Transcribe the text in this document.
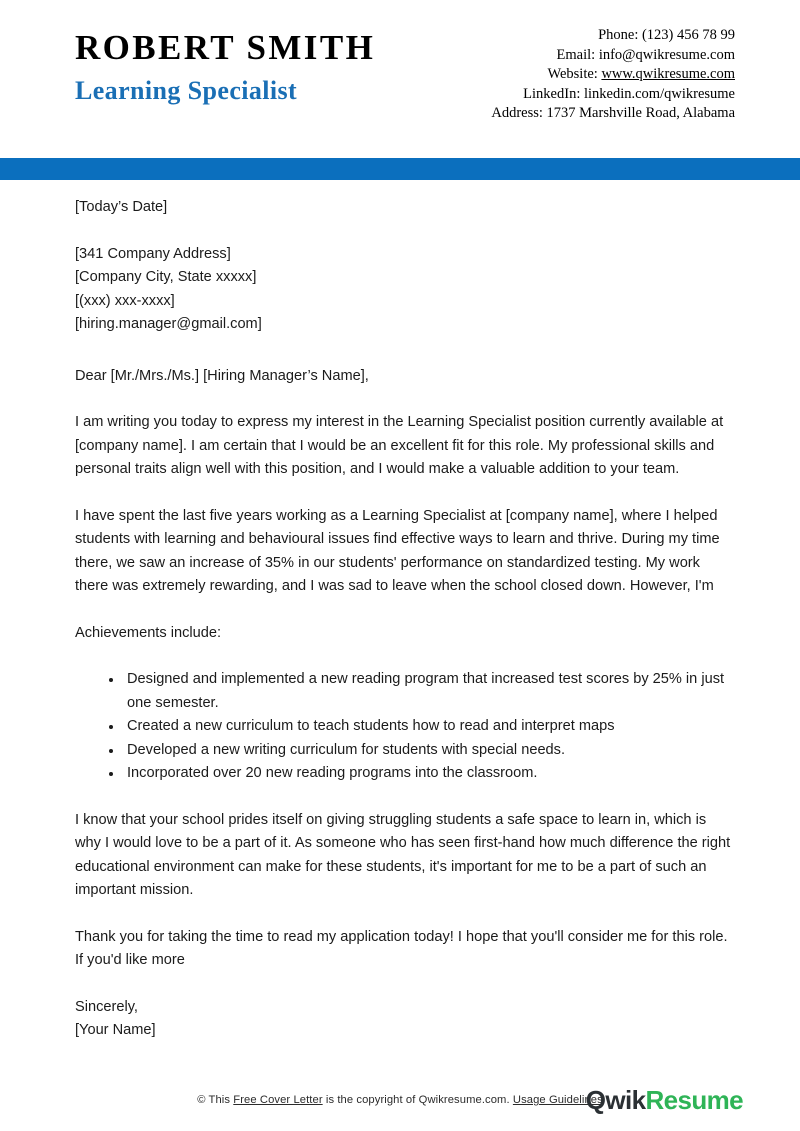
ROBERT SMITH
Learning Specialist
Phone: (123) 456 78 99
Email: info@qwikresume.com
Website: www.qwikresume.com
LinkedIn: linkedin.com/qwikresume
Address: 1737 Marshville Road, Alabama

[Today’s Date]

[341 Company Address]

[Company City, State xxxxx]

[(xxx) xxx-xxxx]

[hiring.manager@gmail.com]

Dear [Mr./Mrs./Ms.] [Hiring Manager’s Name],

I am writing you today to express my interest in the Learning Specialist position currently available at [company name]. I am certain that I would be an excellent fit for this role. My professional skills and personal traits align well with this position, and I would make a valuable addition to your team.

I have spent the last five years working as a Learning Specialist at [company name], where I helped students with learning and behavioural issues find effective ways to learn and thrive. During my time there, we saw an increase of 35% in our students' performance on standardized testing. My work there was extremely rewarding, and I was sad to leave when the school closed down. However, I'm

Achievements include:

Designed and implemented a new reading program that increased test scores by 25% in just one semester.
Created a new curriculum to teach students how to read and interpret maps
Developed a new writing curriculum for students with special needs.
Incorporated over 20 new reading programs into the classroom.

I know that your school prides itself on giving struggling students a safe space to learn in, which is why I would love to be a part of it. As someone who has seen first-hand how much difference the right educational environment can make for these students, it's important for me to be a part of such an important mission.

Thank you for taking the time to read my application today! I hope that you'll consider me for this role. If you'd like more

Sincerely,

[Your Name]

© This Free Cover Letter is the copyright of Qwikresume.com. Usage Guidelines
QwikResume
